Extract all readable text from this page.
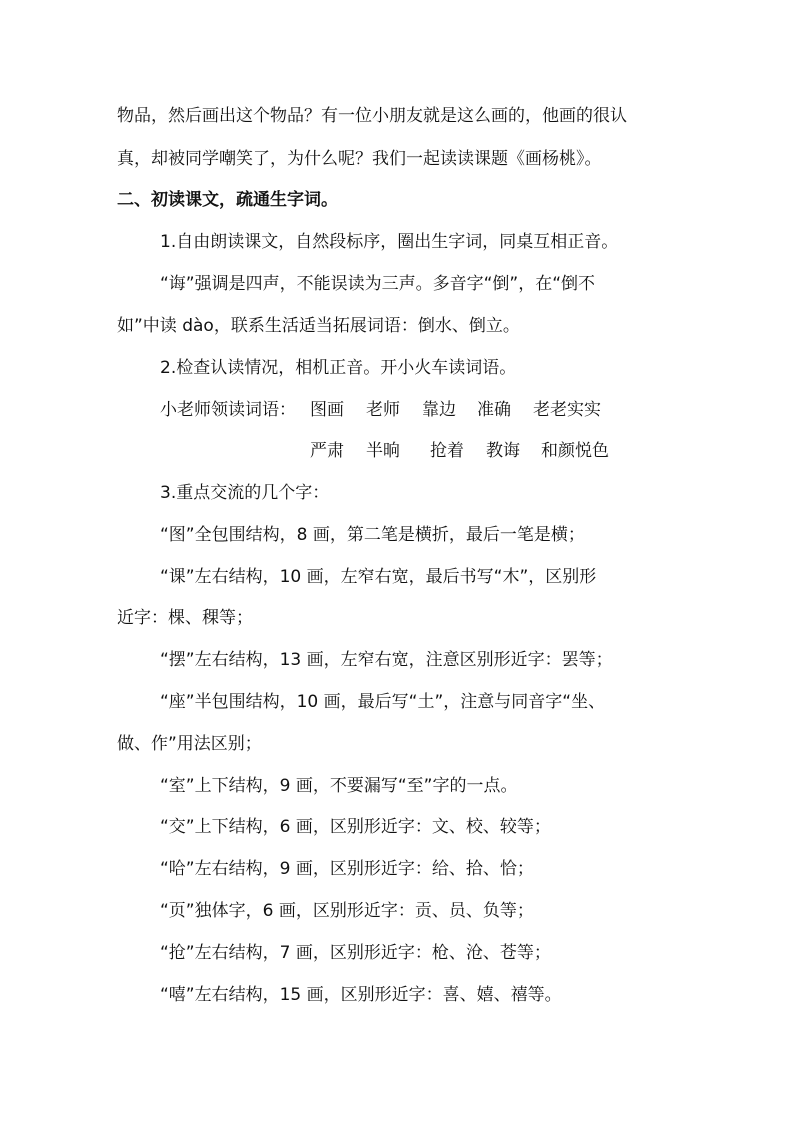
物品，然后画出这个物品？有一位小朋友就是这么画的，他画的很认
真，却被同学嘲笑了，为什么呢？我们一起读读课题《画杨桃》。
二、初读课文，疏通生字词。
1.自由朗读课文，自然段标序，圈出生字词，同桌互相正音。
“诲”强调是四声，不能误读为三声。多音字“倒”，在“倒不
如”中读 dào，联系生活适当拓展词语：倒水、倒立。
2.检查认读情况，相机正音。开小火车读词语。
小老师领读词语： 图画 老师 靠边 准确 老老实实
严肃 半晌 抢着 教诲 和颜悦色
3.重点交流的几个字：
“图”全包围结构，8 画，第二笔是横折，最后一笔是横；
“课”左右结构，10 画，左窄右宽，最后书写“木”，区别形
近字：棵、稞等；
“摆”左右结构，13 画，左窄右宽，注意区别形近字：罢等；
“座”半包围结构，10 画，最后写“土”，注意与同音字“坐、
做、作”用法区别；
“室”上下结构，9 画，不要漏写“至”字的一点。
“交”上下结构，6 画，区别形近字：文、校、较等；
“哈”左右结构，9 画，区别形近字：给、拾、恰；
“页”独体字，6 画，区别形近字：贡、员、负等；
“抢”左右结构，7 画，区别形近字：枪、沧、苍等；
“嘻”左右结构，15 画，区别形近字：喜、嬉、禧等。
